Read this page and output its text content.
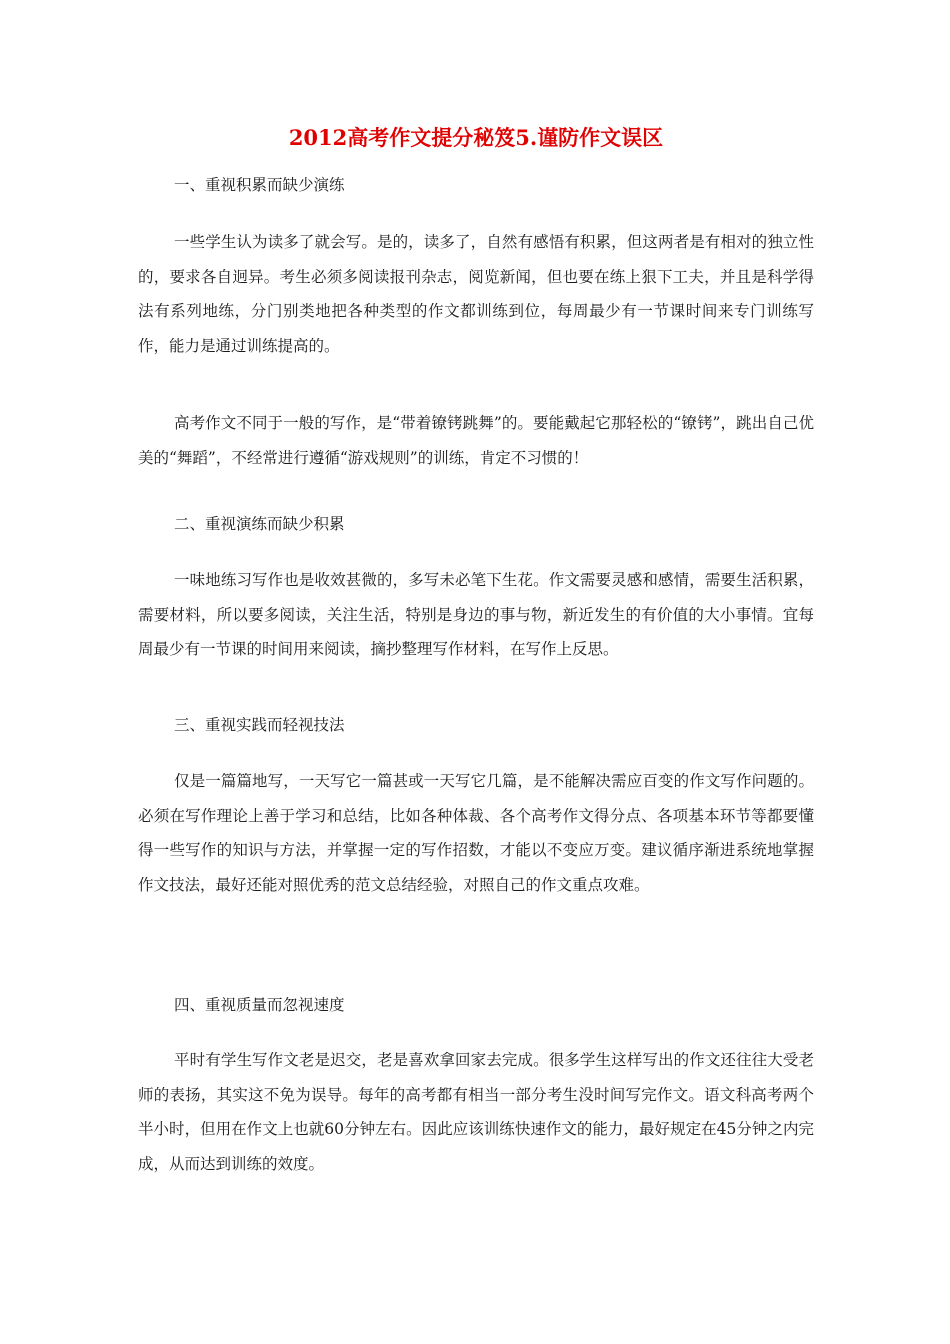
2012高考作文提分秘笈5.谨防作文误区
一、重视积累而缺少演练

一些学生认为读多了就会写。是的，读多了，自然有感悟有积累，但这两者是有相对的独立性的，要求各自迥异。考生必须多阅读报刊杂志，阅览新闻，但也要在练上狠下工夫，并且是科学得法有系列地练，分门别类地把各种类型的作文都训练到位，每周最少有一节课时间来专门训练写作，能力是通过训练提高的。

高考作文不同于一般的写作，是“带着镣铐跳舞”的。要能戴起它那轻松的“镣铐”，跳出自己优美的“舞蹈”，不经常进行遵循“游戏规则”的训练，肯定不习惯的！

二、重视演练而缺少积累

一味地练习写作也是收效甚微的，多写未必笔下生花。作文需要灵感和感情，需要生活积累，需要材料，所以要多阅读，关注生活，特别是身边的事与物，新近发生的有价值的大小事情。宜每周最少有一节课的时间用来阅读，摘抄整理写作材料，在写作上反思。

三、重视实践而轻视技法

仅是一篇篇地写，一天写它一篇甚或一天写它几篇，是不能解决需应百变的作文写作问题的。必须在写作理论上善于学习和总结，比如各种体裁、各个高考作文得分点、各项基本环节等都要懂得一些写作的知识与方法，并掌握一定的写作招数，才能以不变应万变。建议循序渐进系统地掌握作文技法，最好还能对照优秀的范文总结经验，对照自己的作文重点攻难。

四、重视质量而忽视速度

平时有学生写作文老是迟交，老是喜欢拿回家去完成。很多学生这样写出的作文还往往大受老师的表扬，其实这不免为误导。每年的高考都有相当一部分考生没时间写完作文。语文科高考两个半小时，但用在作文上也就60分钟左右。因此应该训练快速作文的能力，最好规定在45分钟之内完成，从而达到训练的效度。
